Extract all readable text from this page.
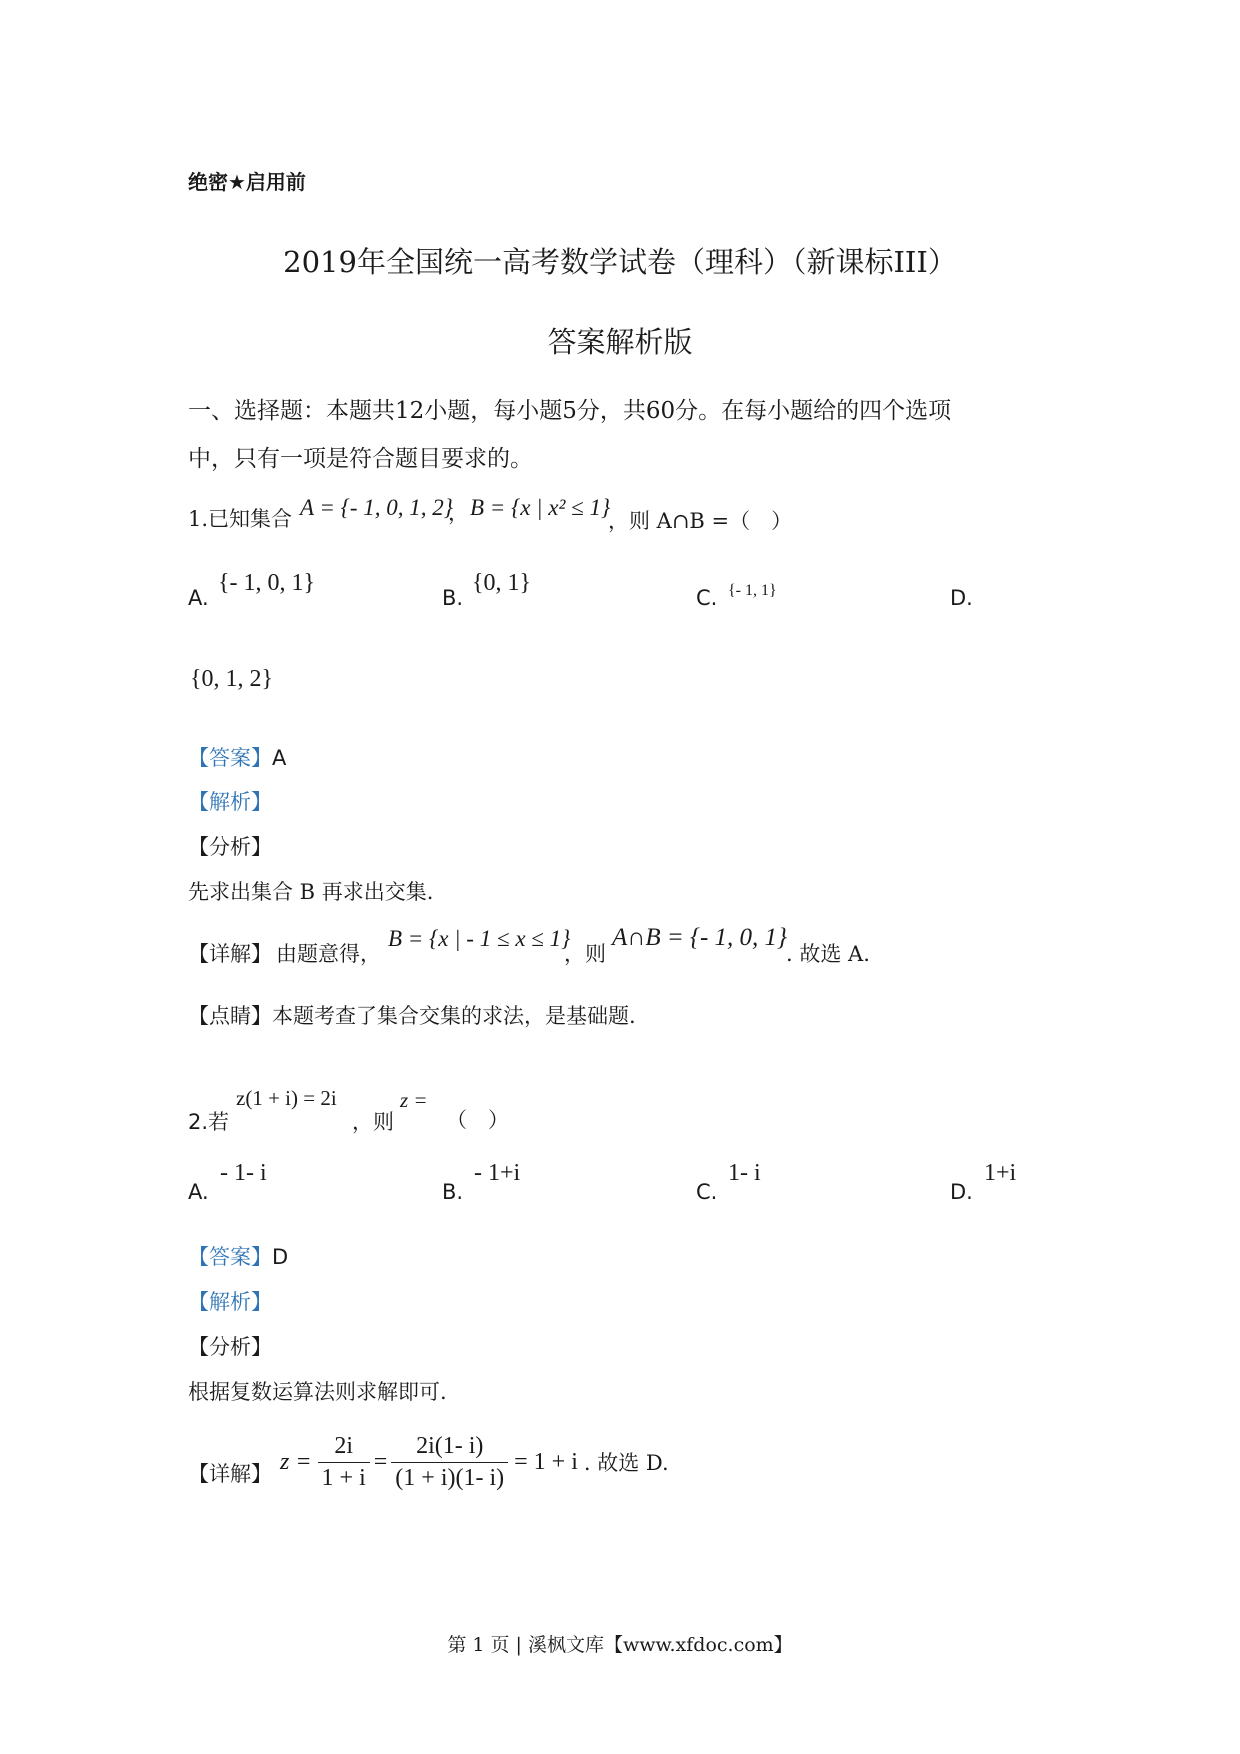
绝密★启用前
2019年全国统一高考数学试卷（理科）（新课标III）
答案解析版
一、选择题：本题共12小题，每小题5分，共60分。在每小题给的四个选项
中，只有一项是符合题目要求的。
1.已知集合 A = {- 1, 0, 1, 2}
， B = {x | x² ≤ 1}
，则 A∩B =（　）
A.
{- 1, 0, 1}
B.
{0, 1}
C. {- 1, 1}	D.
{0, 1, 2}
【答案】A
【解析】
【分析】
先求出集合 B 再求出交集.
【详解】 由题意得，
B = {x | - 1 ≤ x ≤ 1}
，则
A∩B = {- 1, 0, 1}
. 故选 A.
【点睛】本题考查了集合交集的求法，是基础题.
2.若
z(1 + i) = 2i
，则
z =
（　）
A.
- 1- i
B.
- 1+i
C.
1- i
D.
1+i
【答案】D
【解析】
【分析】
根据复数运算法则求解即可.
【详解】 $z = \frac{2i}{1 + i} = \frac{2i(1- i)}{(1 + i)(1- i)} = 1 + i$ . 故选 D.
第 1 页 | 溪枫文库【www.xfdoc.com】
